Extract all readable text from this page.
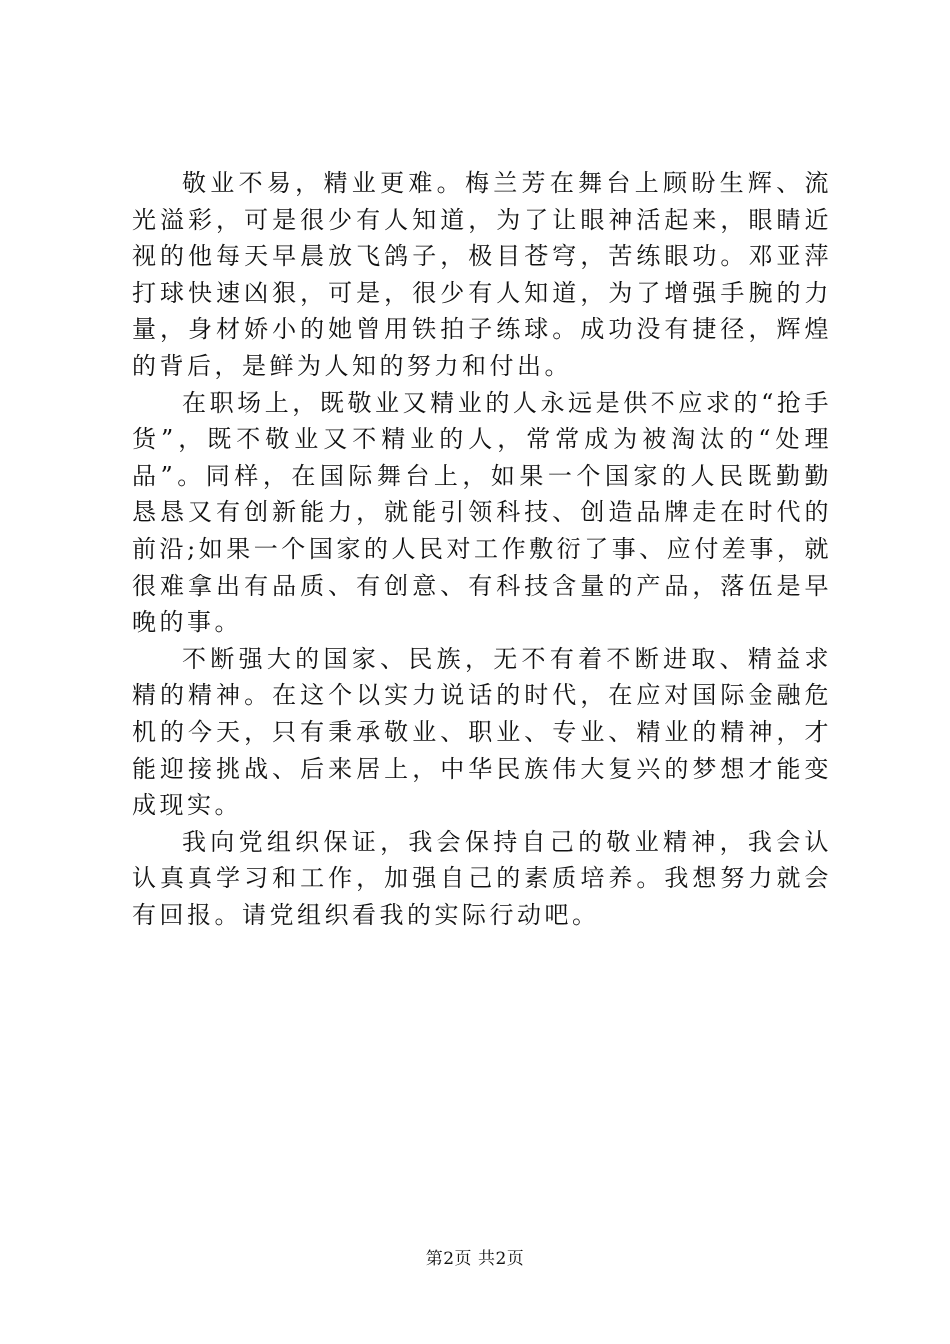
敬业不易，精业更难。梅兰芳在舞台上顾盼生辉、流光溢彩，可是很少有人知道，为了让眼神活起来，眼睛近视的他每天早晨放飞鸽子，极目苍穹，苦练眼功。邓亚萍打球快速凶狠，可是，很少有人知道，为了增强手腕的力量，身材娇小的她曾用铁拍子练球。成功没有捷径，辉煌的背后，是鲜为人知的努力和付出。

在职场上，既敬业又精业的人永远是供不应求的“抢手货”，既不敬业又不精业的人，常常成为被淘汰的“处理品”。同样，在国际舞台上，如果一个国家的人民既勤勤恳恳又有创新能力，就能引领科技、创造品牌走在时代的前沿;如果一个国家的人民对工作敷衍了事、应付差事，就很难拿出有品质、有创意、有科技含量的产品，落伍是早晚的事。

不断强大的国家、民族，无不有着不断进取、精益求精的精神。在这个以实力说话的时代，在应对国际金融危机的今天，只有秉承敬业、职业、专业、精业的精神，才能迎接挑战、后来居上，中华民族伟大复兴的梦想才能变成现实。

我向党组织保证，我会保持自己的敬业精神，我会认认真真学习和工作，加强自己的素质培养。我想努力就会有回报。请党组织看我的实际行动吧。

第2页 共2页
